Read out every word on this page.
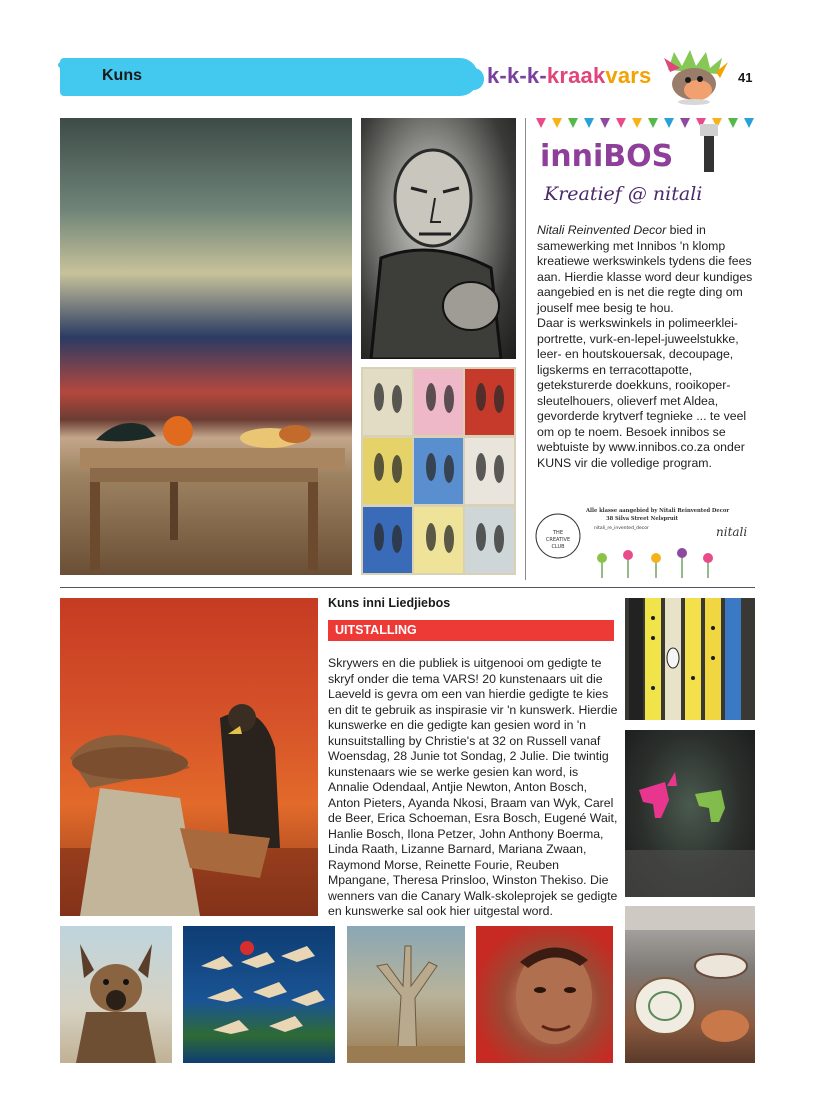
Kuns	k-k-k-kraakvars	41
inniBOS
Kreatief @ nitali

Nitali Reinvented Decor bied in samewerking met Innibos 'n klomp kreatiewe werkswinkels tydens die fees aan. Hierdie klasse word deur kundiges aangebied en is net die regte ding om jouself mee besig te hou.

Daar is werkswinkels in polimeerklei-portrette, vurk-en-lepel-juweelstukke, leer- en houtskouersak, decoupage, ligskerms en terracottapotte, geteksturerde doekkuns, rooikoper-sleutelhouers, olieverf met Aldea, gevorderde krytverf tegnieke ... te veel om op te noem. Besoek innibos se webtuiste by www.innibos.co.za onder KUNS vir die volledige program.

THE
CREATIVE
CLUB
Alle klasse aangebied by Nitali Reinvented Decor
38 Silva Street Nelspruit
nitali_re_invented_decor	nitali
Kuns inni Liedjiebos
UITSTALLING

Skrywers en die publiek is uitgenooi om gedigte te skryf onder die tema VARS! 20 kunstenaars uit die Laeveld is gevra om een van hierdie gedigte te kies en dit te gebruik as inspirasie vir 'n kunswerk. Hierdie kunswerke en die gedigte kan gesien word in 'n kunsuitstalling by Christie's at 32 on Russell vanaf Woensdag, 28 Junie tot Sondag, 2 Julie. Die twintig kunstenaars wie se werke gesien kan word, is Annalie Odendaal, Antjie Newton, Anton Bosch, Anton Pieters, Ayanda Nkosi, Braam van Wyk, Carel de Beer, Erica Schoeman, Esra Bosch, Eugené Wait, Hanlie Bosch, Ilona Petzer, John Anthony Boerma, Linda Raath, Lizanne Barnard, Mariana Zwaan, Raymond Morse, Reinette Fourie, Reuben Mpangane, Theresa Prinsloo, Winston Thekiso. Die wenners van die Canary Walk-skoleprojek se gedigte en kunswerke sal ook hier uitgestal word.
